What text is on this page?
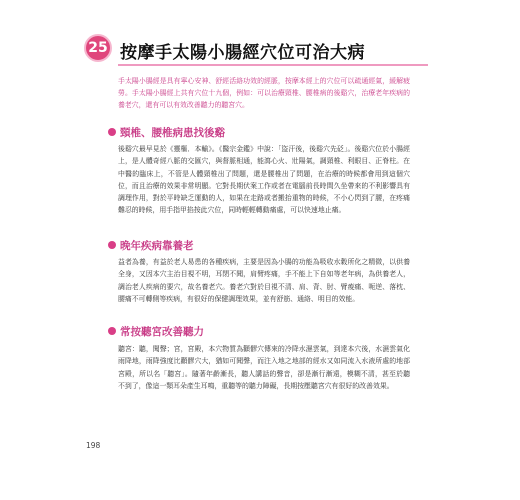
25 按摩手太陽小腸經穴位可治大病
手太陽小腸經是具有寧心安神、舒經活絡功效的經脈，按摩本經上的穴位可以疏通經氣，緩解疲勞。手太陽小腸經上共有穴位十九個，例如：可以治療頸椎、腰椎病的後谿穴，治療老年疾病的養老穴，還有可以有效改善聽力的聽宮穴。
頸椎、腰椎病患找後谿
後谿穴最早見於《靈樞．本輸》。《醫宗金鑑》中說：「盜汗後，後谿穴先砭」。後谿穴位於小腸經上，是人體奇經八脈的交匯穴，與督脈相通，能瀉心火、壯陽氣，調頸椎、利眼目、正脊柱。在中醫的臨床上，不管是人體頸椎出了問題，還是腰椎出了問題，在治療的時候都會用到這個穴位，而且治療的效果非常明顯。它對長期伏案工作或者在電腦前長時間久坐帶來的不利影響具有調理作用，對於平時缺乏運動的人，如果在走路或者搬抬重物的時候，不小心閃到了腰，在疼痛難忍的時候，用手指甲掐按此穴位，同時輕輕轉動痛處，可以快速地止痛。
晚年疾病靠養老
益者為養，有益於老人易患的各種疾病，主要是因為小腸的功能為吸收水穀所化之精微，以供養全身，又因本穴主治目視不明，耳閉不聞，肩臂疼痛，手不能上下自如等老年病，為供養老人，調治老人疾病的要穴，故名養老穴。養老穴對於目視不清、肩、背、肘、臂痠痛、呃逆、落枕、腰痛不可轉側等疾病，有很好的保健調理效果，並有舒筋、通絡、明目的效能。
常按聽宮改善聽力
聽宮：聽，聞聲；宮，宮殿，本穴物質為顴髎穴傳來的冷降水濕雲氣，到達本穴後，水濕雲氣化雨降地，雨降強度比顴髎穴大，猶如可聞聲，而注入地之地部的經水又如同流入水液所處的地部宮殿，所以名「聽宮」。隨著年齡漸長，聽人講話的聲音，卻是漸行漸遠，模糊不清，甚至於聽不到了，像這一類耳朵產生耳鳴，重聽等的聽力障礙，長期按壓聽宮穴有很好的改善效果。
198
